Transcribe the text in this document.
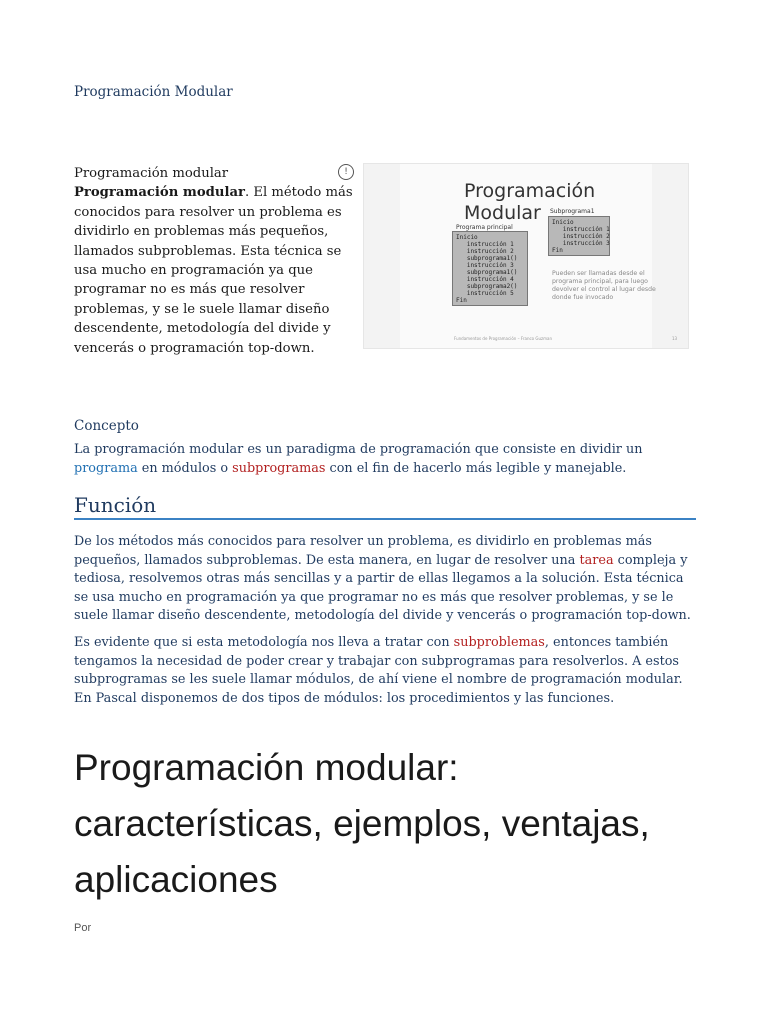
Programación Modular
Programación modular
Programación modular. El método más conocidos para resolver un problema es dividirlo en problemas más pequeños, llamados subproblemas. Esta técnica se usa mucho en programación ya que programar no es más que resolver problemas, y se le suele llamar diseño descendente, metodología del divide y vencerás o programación top-down.
!
Programación Modular
Programa principal
Subprograma1
Inicio
instrucción 1
instrucción 2
subprograma1()
instrucción 3
subprograma1()
instrucción 4
subprograma2()
instrucción 5
Fin
Inicio
instrucción 1
instrucción 2
instrucción 3
Fin
Pueden ser llamadas desde el programa principal, para luego devolver el control al lugar desde donde fue invocado
Fundamentos de Programación – Franco Guzman	13
Concepto
La programación modular es un paradigma de programación que consiste en dividir un programa en módulos o subprogramas con el fin de hacerlo más legible y manejable.
Función
De los métodos más conocidos para resolver un problema, es dividirlo en problemas más pequeños, llamados subproblemas. De esta manera, en lugar de resolver una tarea compleja y tediosa, resolvemos otras más sencillas y a partir de ellas llegamos a la solución. Esta técnica se usa mucho en programación ya que programar no es más que resolver problemas, y se le suele llamar diseño descendente, metodología del divide y vencerás o programación top-down.
Es evidente que si esta metodología nos lleva a tratar con subproblemas, entonces también tengamos la necesidad de poder crear y trabajar con subprogramas para resolverlos. A estos subprogramas se les suele llamar módulos, de ahí viene el nombre de programación modular. En Pascal disponemos de dos tipos de módulos: los procedimientos y las funciones.
Programación modular: características, ejemplos, ventajas, aplicaciones
Por
